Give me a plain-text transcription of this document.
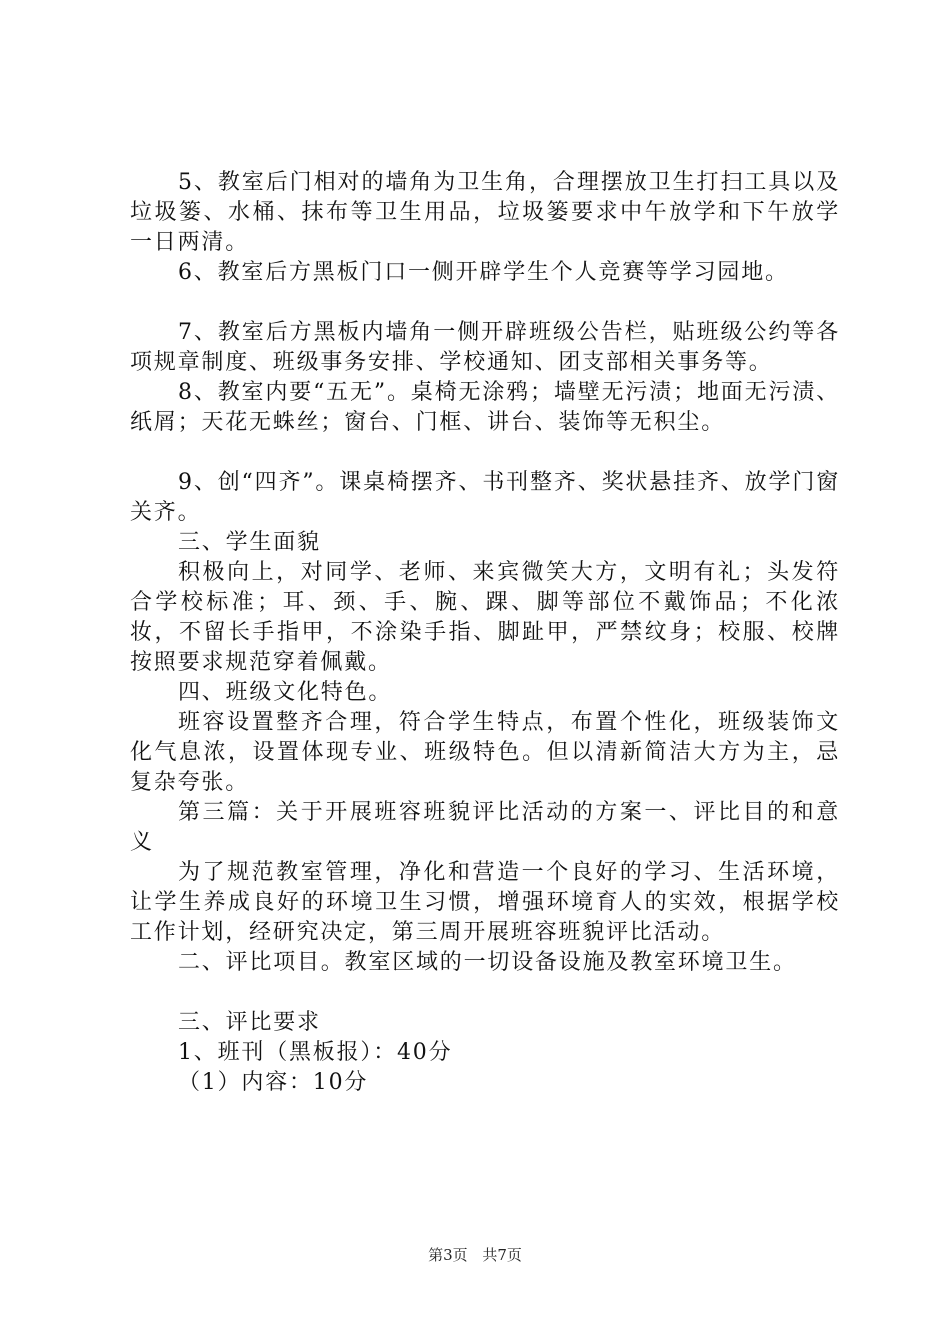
5、教室后门相对的墙角为卫生角，合理摆放卫生打扫工具以及垃圾篓、水桶、抹布等卫生用品，垃圾篓要求中午放学和下午放学一日两清。

6、教室后方黑板门口一侧开辟学生个人竞赛等学习园地。

7、教室后方黑板内墙角一侧开辟班级公告栏，贴班级公约等各项规章制度、班级事务安排、学校通知、团支部相关事务等。

8、教室内要“五无”。桌椅无涂鸦；墙壁无污渍；地面无污渍、纸屑；天花无蛛丝；窗台、门框、讲台、装饰等无积尘。

9、创“四齐”。课桌椅摆齐、书刊整齐、奖状悬挂齐、放学门窗关齐。

三、学生面貌

积极向上，对同学、老师、来宾微笑大方，文明有礼；头发符合学校标准；耳、颈、手、腕、踝、脚等部位不戴饰品；不化浓妆，不留长手指甲，不涂染手指、脚趾甲，严禁纹身；校服、校牌按照要求规范穿着佩戴。

四、班级文化特色。

班容设置整齐合理，符合学生特点，布置个性化，班级装饰文化气息浓，设置体现专业、班级特色。但以清新简洁大方为主，忌复杂夸张。

第三篇：关于开展班容班貌评比活动的方案一、评比目的和意义

为了规范教室管理，净化和营造一个良好的学习、生活环境，让学生养成良好的环境卫生习惯，增强环境育人的实效，根据学校工作计划，经研究决定，第三周开展班容班貌评比活动。

二、评比项目。教室区域的一切设备设施及教室环境卫生。

三、评比要求

1、班刊（黑板报）：40分

（1）内容：10分

第3页 共7页
